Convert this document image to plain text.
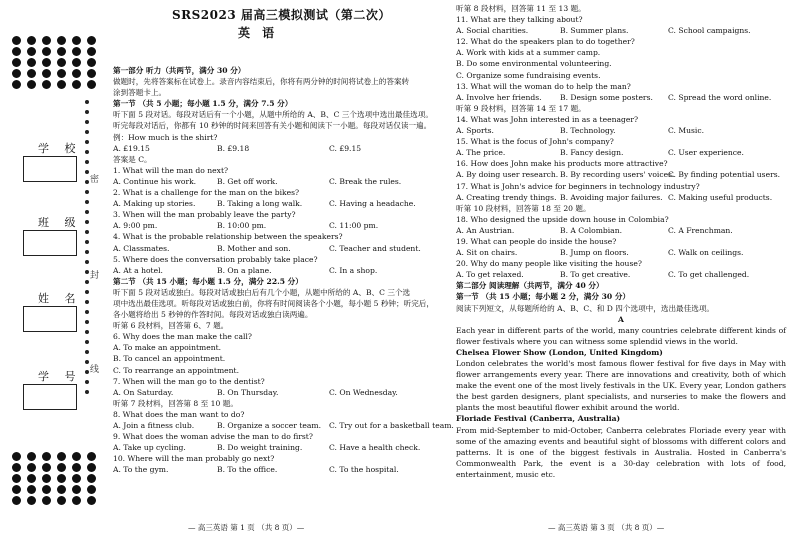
学 校
班 级
姓 名
学 号
密
封
线
SRS2023 届高三模拟测试（第二次）
英 语
第一部分 听力（共两节，满分 30 分）
做题时，先将答案标在试卷上。录音内容结束后，你将有两分钟的时间将试卷上的答案转
涂到答题卡上。
第一节 （共 5 小题；每小题 1.5 分，满分 7.5 分）
听下面 5 段对话。每段对话后有一个小题，从题中所给的 A、B、C 三个选项中选出最佳选项。
听完每段对话后，你都有 10 秒钟的时间来回答有关小题和阅读下一小题。每段对话仅读一遍。
例：How much is the shirt?
A. £19.15	B. £9.18	C. £9.15
答案是 C。
1. What will the man do next?
A. Continue his work.	B. Get off work.	C. Break the rules.
2. What is a challenge for the man on the bikes?
A. Making up stories.	B. Taking a long walk.	C. Having a headache.
3. When will the man probably leave the party?
A. 9:00 pm.	B. 10:00 pm.	C. 11:00 pm.
4. What is the probable relationship between the speakers?
A. Classmates.	B. Mother and son.	C. Teacher and student.
5. Where does the conversation probably take place?
A. At a hotel.	B. On a plane.	C. In a shop.
第二节 （共 15 小题；每小题 1.5 分，满分 22.5 分）
听下面 5 段对话或独白。每段对话或独白后有几个小题，从题中所给的 A、B、C 三个选
项中选出最佳选项。听每段对话或独白前，你将有时间阅读各个小题，每小题 5 秒钟；听完后，
各小题将给出 5 秒钟的作答时间。每段对话或独白读两遍。
听第 6 段材料，回答第 6、7 题。
6. Why does the man make the call?
A. To make an appointment.
B. To cancel an appointment.
C. To rearrange an appointment.
7. When will the man go to the dentist?
A. On Saturday.	B. On Thursday.	C. On Wednesday.
听第 7 段材料，回答第 8 至 10 题。
8. What does the man want to do?
A. Join a fitness club.	B. Organize a soccer team.	C. Try out for a basketball team.
9. What does the woman advise the man to do first?
A. Take up cycling.	B. Do weight training.	C. Have a health check.
10. Where will the man probably go next?
A. To the gym.	B. To the office.	C. To the hospital.
听第 8 段材料，回答第 11 至 13 题。
11. What are they talking about?
A. Social charities.	B. Summer plans.	C. School campaigns.
12. What do the speakers plan to do together?
A. Work with kids at a summer camp.
B. Do some environmental volunteering.
C. Organize some fundraising events.
13. What will the woman do to help the man?
A. Involve her friends.	B. Design some posters.	C. Spread the word online.
听第 9 段材料，回答第 14 至 17 题。
14. What was John interested in as a teenager?
A. Sports.	B. Technology.	C. Music.
15. What is the focus of John's company?
A. The price.	B. Fancy design.	C. User experience.
16. How does John make his products more attractive?
A. By doing user research. B. By recording users' voices.
C. By finding potential users.
17. What is John's advice for beginners in technology industry?
A. Creating trendy things. B. Avoiding major failures. C. Making useful products.
听第 10 段材料，回答第 18 至 20 题。
18. Who designed the upside down house in Colombia?
A. An Austrian.	B. A Colombian.	C. A Frenchman.
19. What can people do inside the house?
A. Sit on chairs.	B. Jump on floors.	C. Walk on ceilings.
20. Why do many people like visiting the house?
A. To get relaxed.	B. To get creative.	C. To get challenged.
第二部分 阅读理解（共两节，满分 40 分）
第一节 （共 15 小题；每小题 2 分，满分 30 分）
阅读下列短文，从每题所给的 A、B、C、和 D 四个选项中，选出最佳选项。
A
Each year in different parts of the world, many countries celebrate different kinds of flower festivals where you can witness some splendid views in the world.
Chelsea Flower Show (London, United Kingdom)
London celebrates the world's most famous flower festival for five days in May with flower arrangements every year. There are innovations and creativity, both of which make the event one of the most lively festivals in the UK. Every year, London gathers the best garden designers, plant specialists, and nurseries to make the flowers and plants the most beautiful flower exhibit around the world.
Floriade Festival (Canberra, Australia)
From mid-September to mid-October, Canberra celebrates Floriade every year with some of the amazing events and beautiful sight of blossoms with different colors and patterns. It is one of the biggest festivals in Australia. Hosted in Canberra's Commonwealth Park, the event is a 30-day celebration with lots of food, entertainment, music etc.
— 高三英语 第 1 页 （共 8 页）—	— 高三英语 第 3 页 （共 8 页）—
